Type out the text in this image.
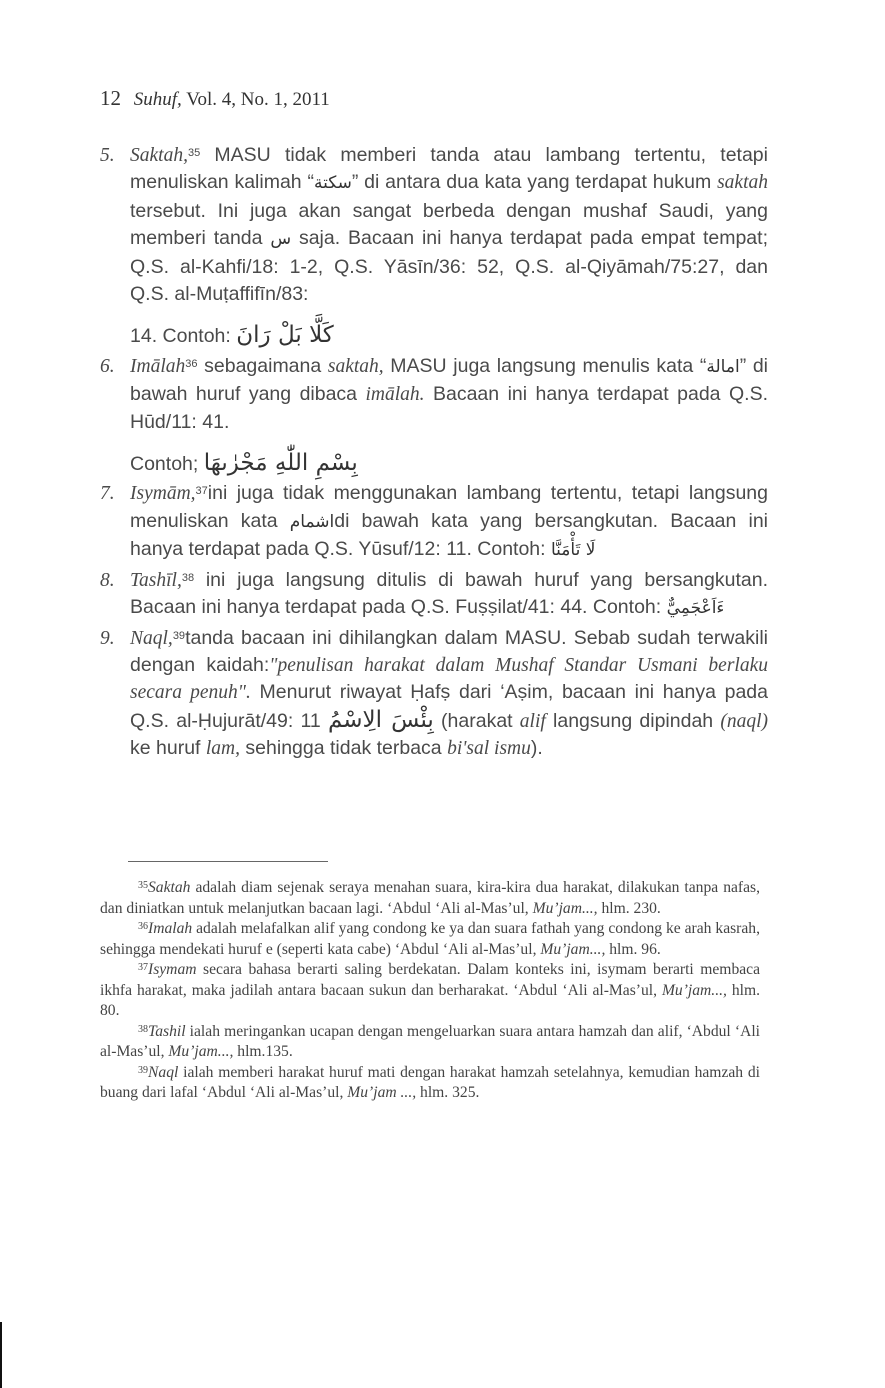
12 Suhuf, Vol. 4, No. 1, 2011
5. Saktah,$^{35}$ MASU tidak memberi tanda atau lambang tertentu, tetapi menuliskan kalimah “سكتة” di antara dua kata yang terdapat hukum saktah tersebut. Ini juga akan sangat berbeda dengan mushaf Saudi, yang memberi tanda س saja. Bacaan ini hanya terdapat pada empat tempat; Q.S. al-Kahfi/18: 1-2, Q.S. Yāsīn/36: 52, Q.S. al-Qiyāmah/75:27, dan Q.S. al-Muṭaffifīn/83:
14. Contoh: كَلَّا بَلْ رَانَ
6. Imālah$^{36}$ sebagaimana saktah, MASU juga langsung menulis kata “امالة” di bawah huruf yang dibaca imālah. Bacaan ini hanya terdapat pada Q.S. Hūd/11: 41.
Contoh; بِسْمِ اللّٰهِ مَجْرٰىهَا
7. Isymām,$^{37}$ini juga tidak menggunakan lambang tertentu, tetapi langsung menuliskan kata اشمامdi bawah kata yang bersangkutan. Bacaan ini hanya terdapat pada Q.S. Yūsuf/12: 11. Contoh: لَا تَأْمَنَّا
8. Tashīl,$^{38}$ ini juga langsung ditulis di bawah huruf yang bersangkutan. Bacaan ini hanya terdapat pada Q.S. Fuṣṣilat/41: 44. Contoh: ءَاَعْجَمِيٌّ
9. Naql,$^{39}$tanda bacaan ini dihilangkan dalam MASU. Sebab sudah terwakili dengan kaidah:"penulisan harakat dalam Mushaf Standar Usmani berlaku secara penuh". Menurut riwayat Ḥafṣ dari ‘Aṣim, bacaan ini hanya pada Q.S. al-Ḥujurāt/49: 11 بِئْسَ الِاسْمُ (harakat alif langsung dipindah (naql) ke huruf lam, sehingga tidak terbaca bi'sal ismu).

$^{35}$Saktah adalah diam sejenak seraya menahan suara, kira-kira dua harakat, dilakukan tanpa nafas, dan diniatkan untuk melanjutkan bacaan lagi. ‘Abdul ‘Ali al-Mas’ul, Mu’jam..., hlm. 230.

$^{36}$Imalah adalah melafalkan alif yang condong ke ya dan suara fathah yang condong ke arah kasrah, sehingga mendekati huruf e (seperti kata cabe) ‘Abdul ‘Ali al-Mas’ul, Mu’jam..., hlm. 96.

$^{37}$Isymam secara bahasa berarti saling berdekatan. Dalam konteks ini, isymam berarti membaca ikhfa harakat, maka jadilah antara bacaan sukun dan berharakat. ‘Abdul ‘Ali al-Mas’ul, Mu’jam..., hlm. 80.

$^{38}$Tashil ialah meringankan ucapan dengan mengeluarkan suara antara hamzah dan alif, ‘Abdul ‘Ali al-Mas’ul, Mu’jam..., hlm.135.

$^{39}$Naql ialah memberi harakat huruf mati dengan harakat hamzah setelahnya, kemudian hamzah di buang dari lafal ‘Abdul ‘Ali al-Mas’ul, Mu’jam ..., hlm. 325.
